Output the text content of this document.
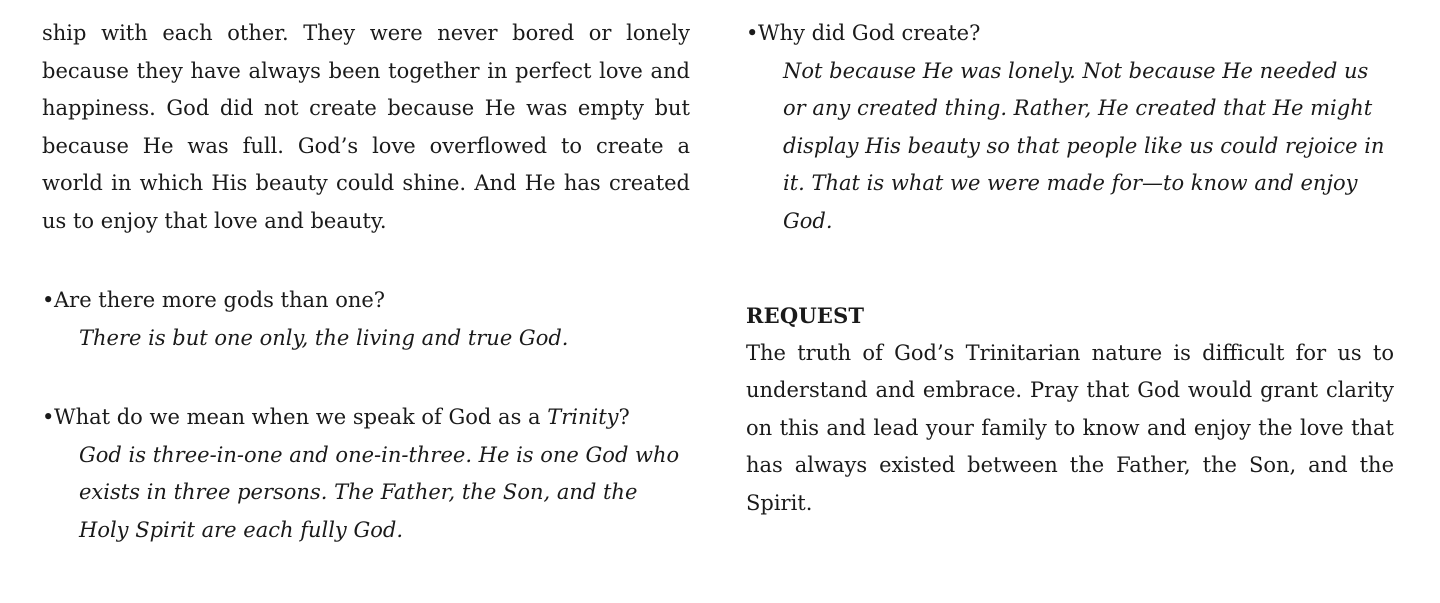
ship with each other. They were never bored or lonely because they have always been together in perfect love and happiness. God did not create because He was empty but because He was full. God’s love overflowed to create a world in which His beauty could shine. And He has created us to enjoy that love and beauty.

• Are there more gods than one?

There is but one only, the living and true God.

• What do we mean when we speak of God as a Trinity?

God is three-in-one and one-in-three. He is one God who exists in three persons. The Father, the Son, and the Holy Spirit are each fully God.

• Why did God create?

Not because He was lonely. Not because He needed us or any created thing. Rather, He created that He might display His beauty so that people like us could rejoice in it. That is what we were made for—to know and enjoy God.

REQUEST

The truth of God’s Trinitarian nature is difficult for us to understand and embrace. Pray that God would grant clarity on this and lead your family to know and enjoy the love that has always existed between the Father, the Son, and the Spirit.
